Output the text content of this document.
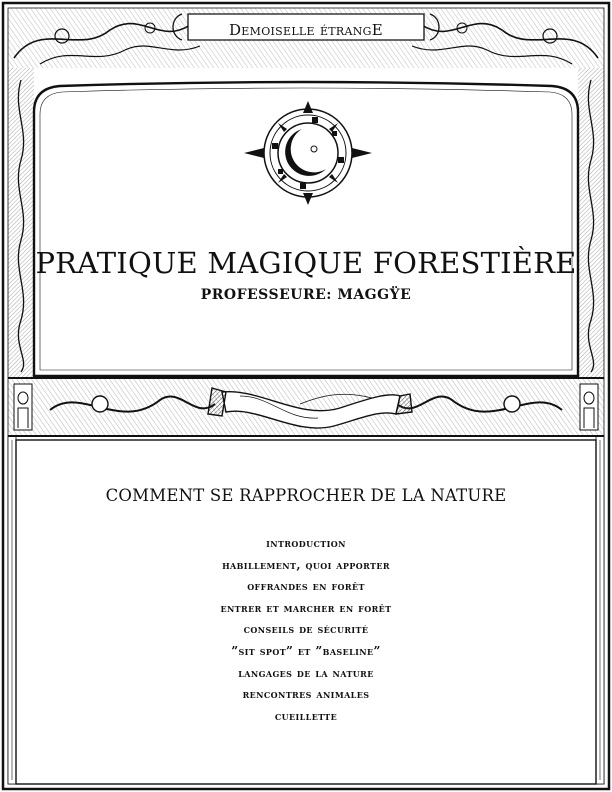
Demoiselle étrangE
PRATIQUE MAGIQUE FORESTIÈRE

PROFESSEURE: MAGGŸE

COMMENT SE RAPPROCHER DE LA NATURE
introduction
habillement, quoi apporter
offrandes en forêt
entrer et marcher en forêt
conseils de sécurité
”sit spot” et ”baseline”
langages de la nature
rencontres animales
cueillette
